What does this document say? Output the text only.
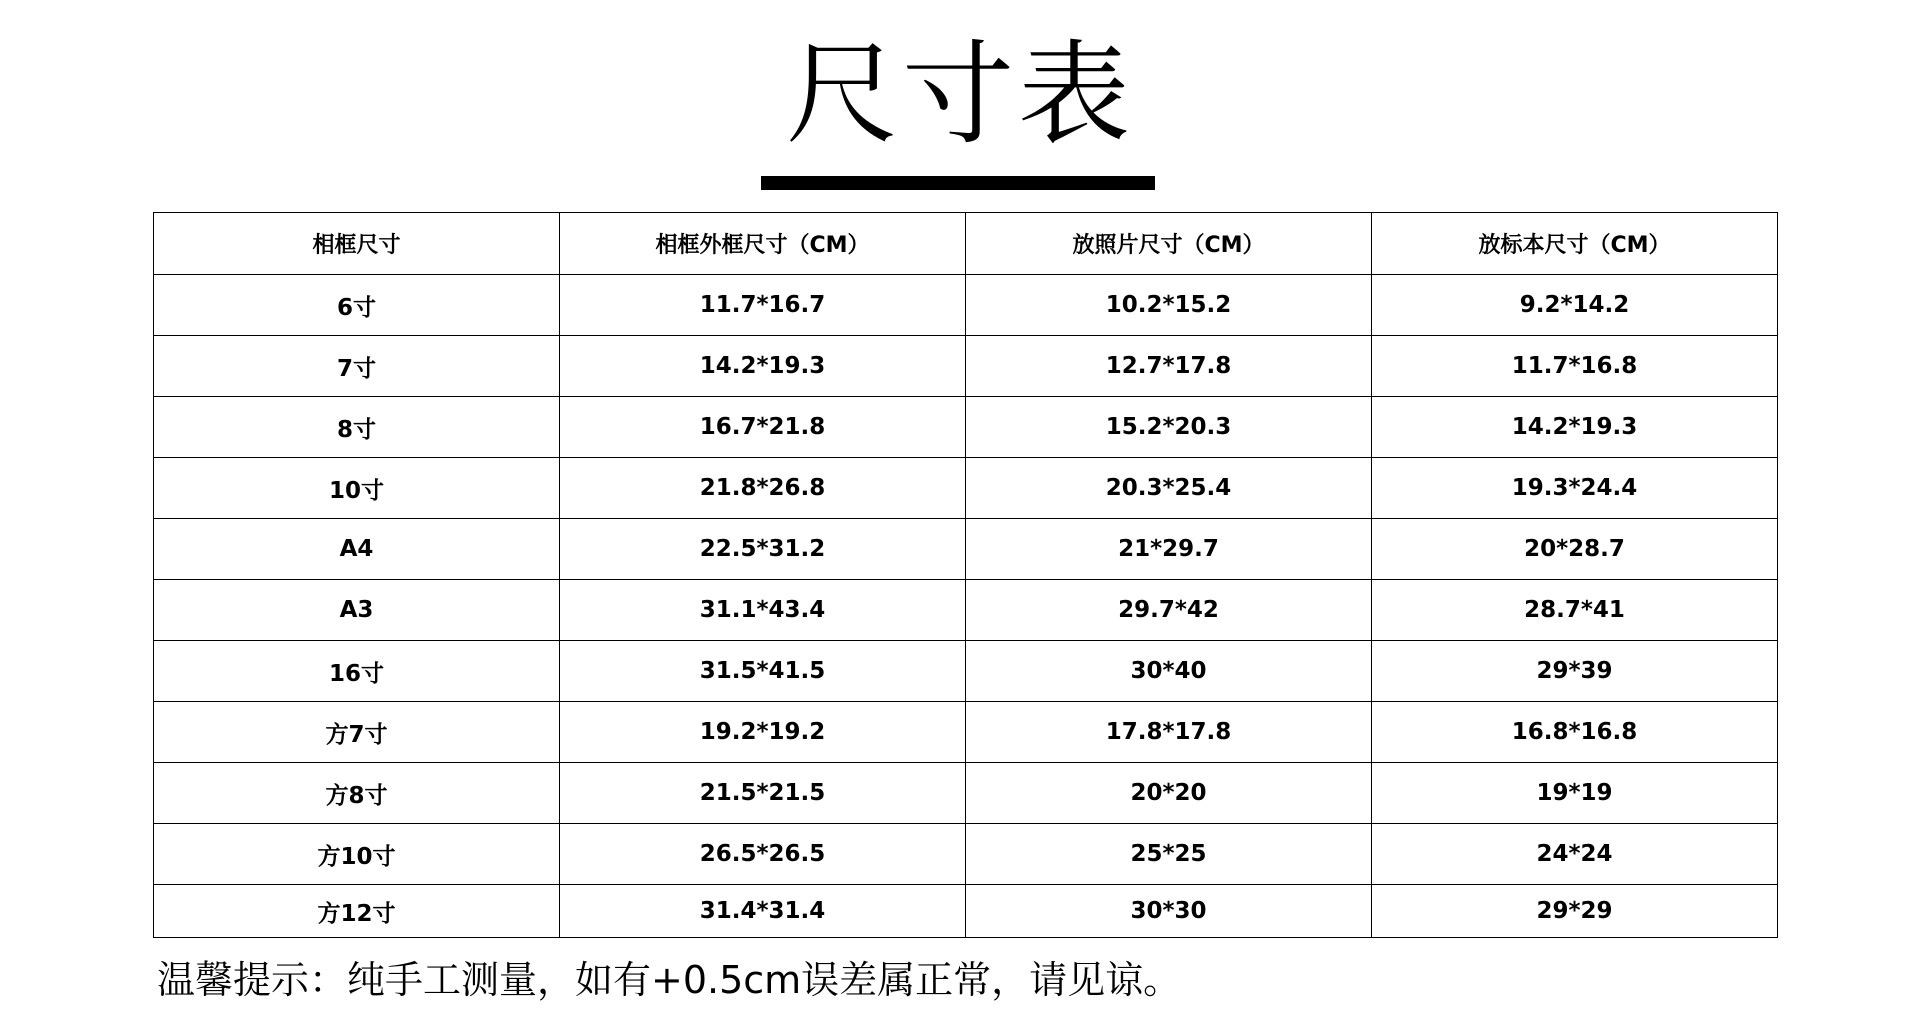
尺寸表
相框尺寸	相框外框尺寸（CM）	放照片尺寸（CM）	放标本尺寸（CM）
6寸	11.7*16.7	10.2*15.2	9.2*14.2
7寸	14.2*19.3	12.7*17.8	11.7*16.8
8寸	16.7*21.8	15.2*20.3	14.2*19.3
10寸	21.8*26.8	20.3*25.4	19.3*24.4
A4	22.5*31.2	21*29.7	20*28.7
A3	31.1*43.4	29.7*42	28.7*41
16寸	31.5*41.5	30*40	29*39
方7寸	19.2*19.2	17.8*17.8	16.8*16.8
方8寸	21.5*21.5	20*20	19*19
方10寸	26.5*26.5	25*25	24*24
方12寸	31.4*31.4	30*30	29*29
温馨提示：纯手工测量，如有+0.5cm误差属正常，请见谅。
